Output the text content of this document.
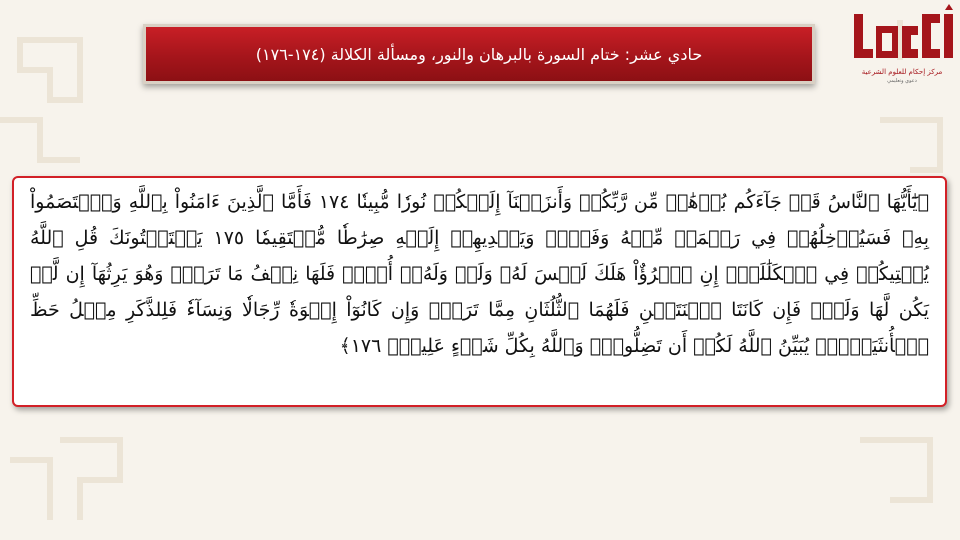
حادي عشر: ختام السورة بالبرهان والنور، ومسألة الكلالة (١٧٤-١٧٦)
مركز إحكام للعلوم الشرعية
دعوي وتعليمي

﴿يَٰٓأَيُّهَا ٱلنَّاسُ قَدۡ جَآءَكُم بُرۡهَٰنٞ مِّن رَّبِّكُمۡ وَأَنزَلۡنَآ إِلَيۡكُمۡ نُورٗا مُّبِينٗا ١٧٤ فَأَمَّا ٱلَّذِينَ ءَامَنُواْ بِٱللَّهِ وَٱعۡتَصَمُواْ بِهِۦ فَسَيُدۡخِلُهُمۡ فِي رَحۡمَةٖ مِّنۡهُ وَفَضۡلٖ وَيَهۡدِيهِمۡ إِلَيۡهِ صِرَٰطٗا مُّسۡتَقِيمٗا ١٧٥ يَسۡتَفۡتُونَكَ قُلِ ٱللَّهُ يُفۡتِيكُمۡ فِي ٱلۡكَلَٰلَةِۚ إِنِ ٱمۡرُؤٌاْ هَلَكَ لَيۡسَ لَهُۥ وَلَدٞ وَلَهُۥٓ أُخۡتٞ فَلَهَا نِصۡفُ مَا تَرَكَۚ وَهُوَ يَرِثُهَآ إِن لَّمۡ يَكُن لَّهَا وَلَدٞۚ فَإِن كَانَتَا ٱثۡنَتَيۡنِ فَلَهُمَا ٱلثُّلُثَانِ مِمَّا تَرَكَۚ وَإِن كَانُوٓاْ إِخۡوَةٗ رِّجَالٗا وَنِسَآءٗ فَلِلذَّكَرِ مِثۡلُ حَظِّ ٱلۡأُنثَيَيۡنِۗ يُبَيِّنُ ٱللَّهُ لَكُمۡ أَن تَضِلُّواْۗ وَٱللَّهُ بِكُلِّ شَيۡءٍ عَلِيمُۢ ١٧٦﴾
